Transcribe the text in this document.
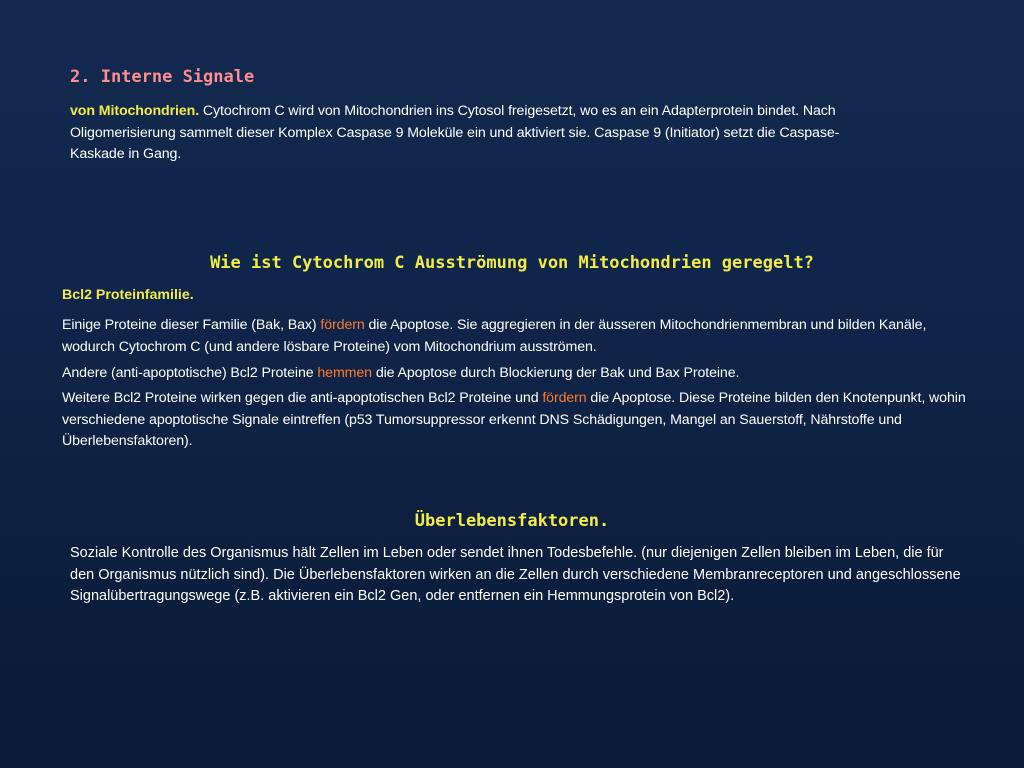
2. Interne Signale

von Mitochondrien. Cytochrom C wird von Mitochondrien ins Cytosol freigesetzt, wo es an ein Adapterprotein bindet. Nach Oligomerisierung sammelt dieser Komplex Caspase 9 Moleküle ein und aktiviert sie. Caspase 9 (Initiator) setzt die Caspase-Kaskade in Gang.

Wie ist Cytochrom C Ausströmung von Mitochondrien geregelt?
Bcl2 Proteinfamilie.

Einige Proteine dieser Familie (Bak, Bax) fördern die Apoptose. Sie aggregieren in der äusseren Mitochondrienmembran und bilden Kanäle, wodurch Cytochrom C (und andere lösbare Proteine) vom Mitochondrium ausströmen.

Andere (anti-apoptotische) Bcl2 Proteine hemmen die Apoptose durch Blockierung der Bak und Bax Proteine.

Weitere Bcl2 Proteine wirken gegen die anti-apoptotischen Bcl2 Proteine und fördern die Apoptose. Diese Proteine bilden den Knotenpunkt, wohin verschiedene apoptotische Signale eintreffen (p53 Tumorsuppressor erkennt DNS Schädigungen, Mangel an Sauerstoff, Nährstoffe und Überlebensfaktoren).

Überlebensfaktoren.

Soziale Kontrolle des Organismus hält Zellen im Leben oder sendet ihnen Todesbefehle. (nur diejenigen Zellen bleiben im Leben, die für den Organismus nützlich sind). Die Überlebensfaktoren wirken an die Zellen durch verschiedene Membranreceptoren und angeschlossene Signalübertragungswege (z.B. aktivieren ein Bcl2 Gen, oder entfernen ein Hemmungsprotein von Bcl2).
